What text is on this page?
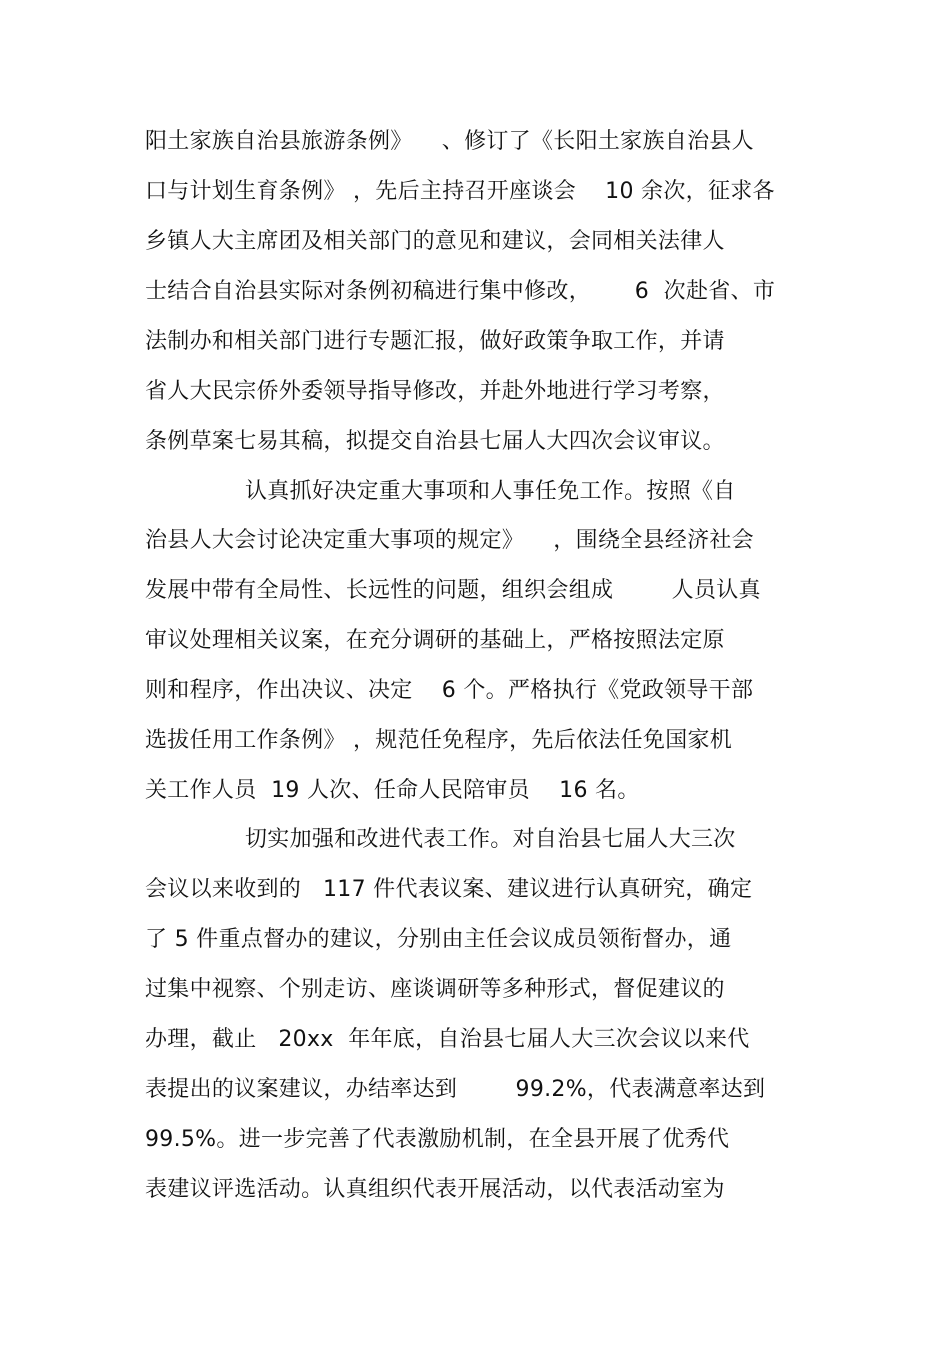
阳土家族自治县旅游条例》    、修订了《长阳土家族自治县人
口与计划生育条例》 ，先后主持召开座谈会    10 余次，征求各
乡镇人大主席团及相关部门的意见和建议，会同相关法律人
士结合自治县实际对条例初稿进行集中修改，      6  次赴省、市
法制办和相关部门进行专题汇报，做好政策争取工作，并请
省人大民宗侨外委领导指导修改，并赴外地进行学习考察，
条例草案七易其稿，拟提交自治县七届人大四次会议审议。
认真抓好决定重大事项和人事任免工作。按照《自
治县人大会讨论决定重大事项的规定》    ，围绕全县经济社会
发展中带有全局性、长远性的问题，组织会组成        人员认真
审议处理相关议案，在充分调研的基础上，严格按照法定原
则和程序，作出决议、决定    6 个。严格执行《党政领导干部
选拔任用工作条例》 ，规范任免程序，先后依法任免国家机
关工作人员  19 人次、任命人民陪审员    16 名。
切实加强和改进代表工作。对自治县七届人大三次
会议以来收到的   117 件代表议案、建议进行认真研究，确定
了 5 件重点督办的建议，分别由主任会议成员领衔督办，通
过集中视察、个别走访、座谈调研等多种形式，督促建议的
办理，截止   20xx  年年底，自治县七届人大三次会议以来代
表提出的议案建议，办结率达到        99.2%，代表满意率达到
99.5%。进一步完善了代表激励机制，在全县开展了优秀代
表建议评选活动。认真组织代表开展活动，以代表活动室为
